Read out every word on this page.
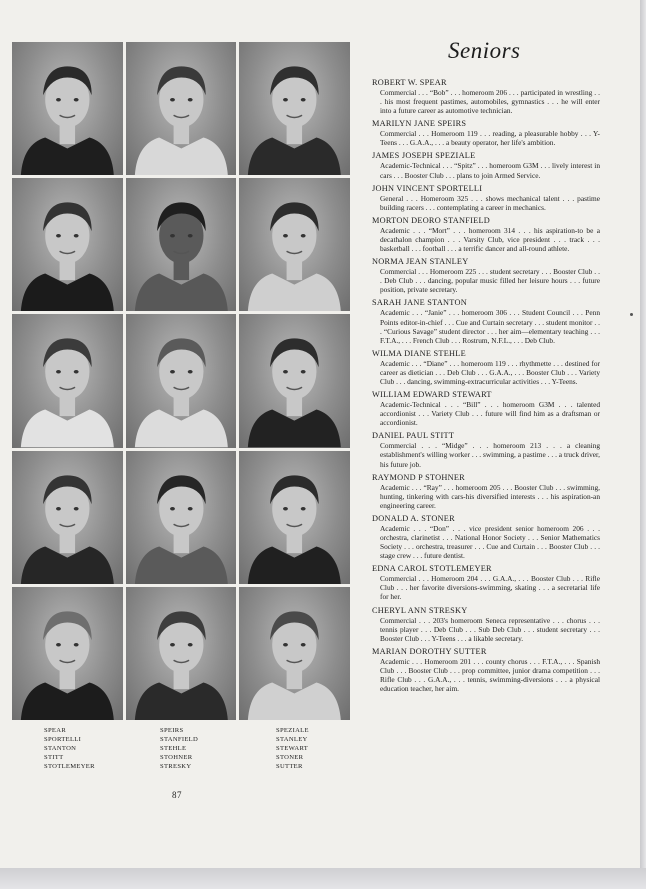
Seniors
SPEAR
SPORTELLI
STANTON
STITT
STOTLEMEYER
SPEIRS
STANFIELD
STEHLE
STOHNER
STRESKY
SPEZIALE
STANLEY
STEWART
STONER
SUTTER
87
ROBERT W. SPEAR
Commercial . . . “Bob” . . . homeroom 206 . . . participated in wrestling . . . his most frequent pastimes, automobiles, gymnastics . . . he will enter into a future career as automotive technician.
MARILYN JANE SPEIRS
Commercial . . . Homeroom 119 . . . reading, a pleasurable hobby . . . Y-Teens . . . G.A.A., . . . a beauty operator, her life's ambition.
JAMES JOSEPH SPEZIALE
Academic-Technical . . . “Spitz” . . . homeroom G3M . . . lively interest in cars . . . Booster Club . . . plans to join Armed Service.
JOHN VINCENT SPORTELLI
General . . . Homeroom 325 . . . shows mechanical talent . . . pastime building racers . . . contemplating a career in mechanics.
MORTON DEORO STANFIELD
Academic . . . “Mort” . . . homeroom 314 . . . his aspiration-to be a decathalon champion . . . Varsity Club, vice president . . . track . . . basketball . . . football . . . a terrific dancer and all-round athlete.
NORMA JEAN STANLEY
Commercial . . . Homeroom 225 . . . student secretary . . . Booster Club . . . Deb Club . . . dancing, popular music filled her leisure hours . . . future position, private secretary.
SARAH JANE STANTON
Academic . . . “Janie” . . . homeroom 306 . . . Student Council . . . Penn Points editor-in-chief . . . Cue and Curtain secretary . . . student monitor . . . “Curious Savage” student director . . . her aim—elementary teaching . . . F.T.A., . . . French Club . . . Rostrum, N.F.L., . . . Deb Club.
WILMA DIANE STEHLE
Academic . . . “Diane” . . . homeroom 119 . . . rhythmette . . . destined for career as dietician . . . Deb Club . . . G.A.A., . . . Booster Club . . . Variety Club . . . dancing, swimming-extracurricular activities . . . Y-Teens.
WILLIAM EDWARD STEWART
Academic-Technical . . . “Bill” . . . homeroom G3M . . . talented accordionist . . . Variety Club . . . future will find him as a draftsman or accordionist.
DANIEL PAUL STITT
Commercial . . . “Midge” . . . homeroom 213 . . . a cleaning establishment's willing worker . . . swimming, a pastime . . . a truck driver, his future job.
RAYMOND P STOHNER
Academic . . . “Ray” . . . homeroom 205 . . . Booster Club . . . swimming, hunting, tinkering with cars-his diversified interests . . . his aspiration-an engineering career.
DONALD A. STONER
Academic . . . “Don” . . . vice president senior homeroom 206 . . . orchestra, clarinetist . . . National Honor Society . . . Senior Mathematics Society . . . orchestra, treasurer . . . Cue and Curtain . . . Booster Club . . . stage crew . . . future dentist.
EDNA CAROL STOTLEMEYER
Commercial . . . Homeroom 204 . . . G.A.A., . . . Booster Club . . . Rifle Club . . . her favorite diversions-swimming, skating . . . a secretarial life for her.
CHERYL ANN STRESKY
Commercial . . . 203's homeroom Seneca representative . . . chorus . . . tennis player . . . Deb Club . . . Sub Deb Club . . . student secretary . . . Booster Club . . . Y-Teens . . . a likable secretary.
MARIAN DOROTHY SUTTER
Academic . . . Homeroom 201 . . . county chorus . . . F.T.A., . . . Spanish Club . . . Booster Club . . . prop committee, junior drama competition . . . Rifle Club . . . G.A.A., . . . tennis, swimming-diversions . . . a physical education teacher, her aim.
